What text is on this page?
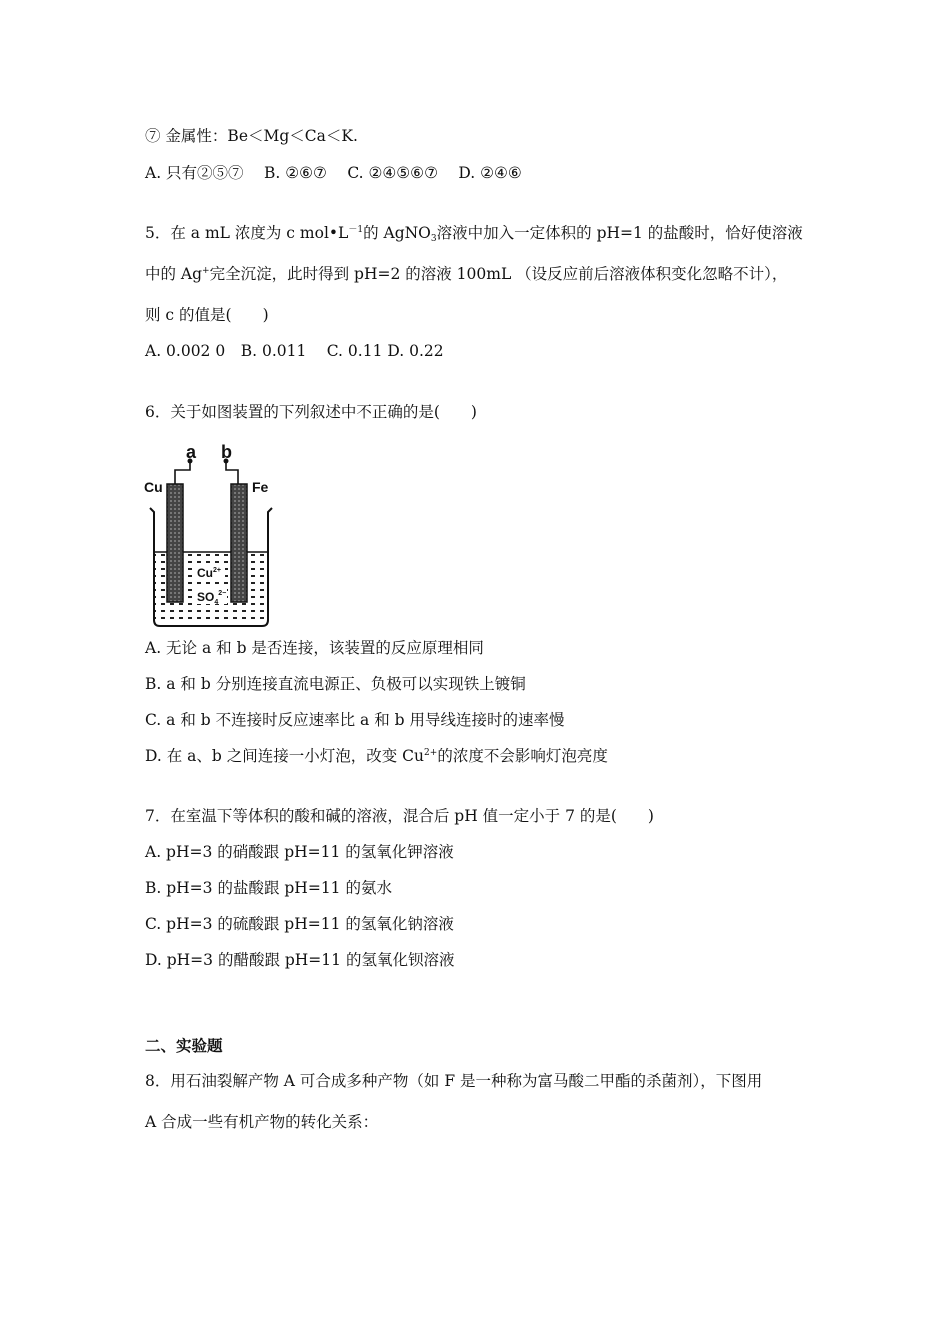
⑦ 金属性：Be＜Mg＜Ca＜K.
A. 只有②⑤⑦　 B. ②⑥⑦　 C. ②④⑤⑥⑦　 D. ②④⑥
5．在 a mL 浓度为 c $mol•L^{-1}$的 AgNO$_3$溶液中加入一定体积的 pH=1 的盐酸时，恰好使溶液
中的 Ag+完全沉淀，此时得到 pH=2 的溶液 100mL （设反应前后溶液体积变化忽略不计），
则 c 的值是(　　)
A. 0.002 0　B. 0.011　 C. 0.11 D. 0.22
6．关于如图装置的下列叙述中不正确的是(　　)
a b
Cu	Fe
$Cu^{2+}$
$SO_4^{2-}$
A. 无论 a 和 b 是否连接，该装置的反应原理相同
B. a 和 b 分别连接直流电源正、负极可以实现铁上镀铜
C. a 和 b 不连接时反应速率比 a 和 b 用导线连接时的速率慢
D. 在 a、b 之间连接一小灯泡，改变 $Cu^{2+}$的浓度不会影响灯泡亮度
7．在室温下等体积的酸和碱的溶液，混合后 pH 值一定小于 7 的是(　　)
A. pH=3 的硝酸跟 pH=11 的氢氧化钾溶液
B. pH=3 的盐酸跟 pH=11 的氨水
C. pH=3 的硫酸跟 pH=11 的氢氧化钠溶液
D. pH=3 的醋酸跟 pH=11 的氢氧化钡溶液
二、实验题
8．用石油裂解产物 A 可合成多种产物（如 F 是一种称为富马酸二甲酯的杀菌剂），下图用
A 合成一些有机产物的转化关系：
